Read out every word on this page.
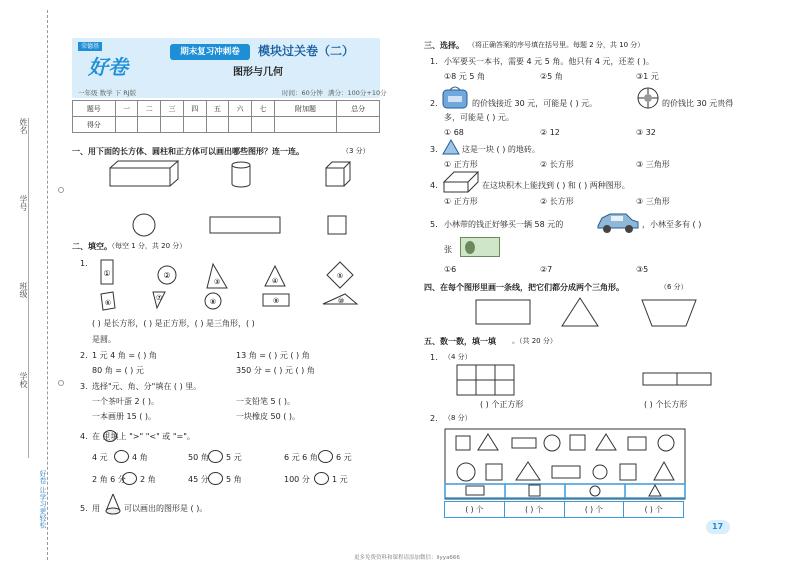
姓名
学号
班级
学校
好卷 让学习更轻松
荣德基
好卷
期末复习冲刺卷	模块过关卷（二）
图形与几何
一年级 数学 下 RJ版	时间：60分钟 满分：100分+10分
题号	一	二	三	四	五	六	七	附加题	总分
得分									
一、用下面的长方体、圆柱和正方体可以画出哪些图形？连一连。	（3 分）
二、填空。
（每空 1 分，共 20 分）
1.
①	②
③	④
⑤
⑥
⑦	⑧	⑨	⑩
( ) 是长方形，( ) 是正方形，( ) 是三角形，( )
是圆。
2. 1 元 4 角 = ( ) 角	13 角 = ( ) 元 ( ) 角
80 角 = ( ) 元	350 分 = ( ) 元 ( ) 角
3. 选择"元、角、分"填在 ( ) 里。
一个茶叶蛋 2 ( )。	一支铅笔 5 ( )。
一本画册 15 ( )。	一块橡皮 50 ( )。
4. 在 里填上 ">" "<" 或 "="。
4 元	4 角	50 角 5 元	6 元 6 角 6 元
2 角 6 分 2 角	45 分 5 角	100 分	1 元
5. 用	可以画出的图形是 ( )。
三、选择。 （将正确答案的序号填在括号里。每题 2 分，共 10 分）
1. 小军要买一本书，需要 4 元 5 角。他只有 4 元，还差 ( )。
①8 元 5 角	②5 角	③1 元
2.	的价钱接近 30 元，可能是 ( ) 元。	的价钱比 30 元贵得
多，可能是 ( ) 元。
① 68	② 12	③ 32
3.	这是一块 ( ) 的地砖。
① 正方形	② 长方形	③ 三角形
4.	在这块积木上能找到 ( ) 和 ( ) 两种图形。
① 正方形	② 长方形	③ 三角形
5. 小林带的钱正好够买一辆 58 元的	，小林至多有 ( )
张
①6	②7	③5
四、在每个图形里画一条线，把它们都分成两个三角形。	（6 分）
五、数一数，填一填 。（共 20 分）
1. （4 分）
( ) 个正方形	( ) 个长方形
2. （8 分）
( ) 个	( ) 个	( ) 个	( ) 个
17
更多免费资料和课程请添加微信：ilyya666
